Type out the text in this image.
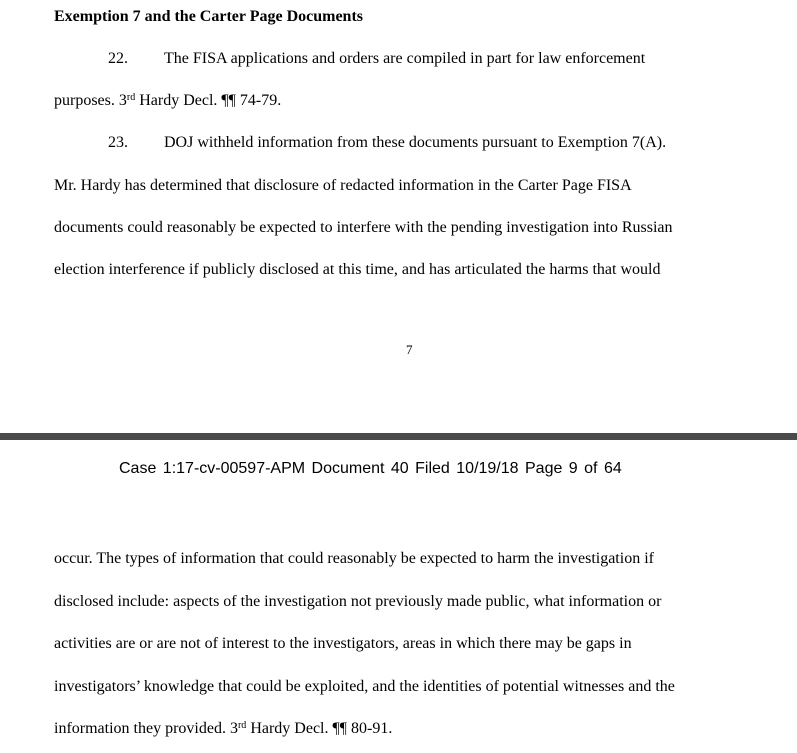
Exemption 7 and the Carter Page Documents
22. The FISA applications and orders are compiled in part for law enforcement
purposes. 3rd Hardy Decl. ¶¶ 74-79.
23. DOJ withheld information from these documents pursuant to Exemption 7(A).
Mr. Hardy has determined that disclosure of redacted information in the Carter Page FISA
documents could reasonably be expected to interfere with the pending investigation into Russian
election interference if publicly disclosed at this time, and has articulated the harms that would
7
Case 1:17-cv-00597-APM Document 40 Filed 10/19/18 Page 9 of 64
occur. The types of information that could reasonably be expected to harm the investigation if
disclosed include: aspects of the investigation not previously made public, what information or
activities are or are not of interest to the investigators, areas in which there may be gaps in
investigators’ knowledge that could be exploited, and the identities of potential witnesses and the
information they provided. 3rd Hardy Decl. ¶¶ 80-91.
